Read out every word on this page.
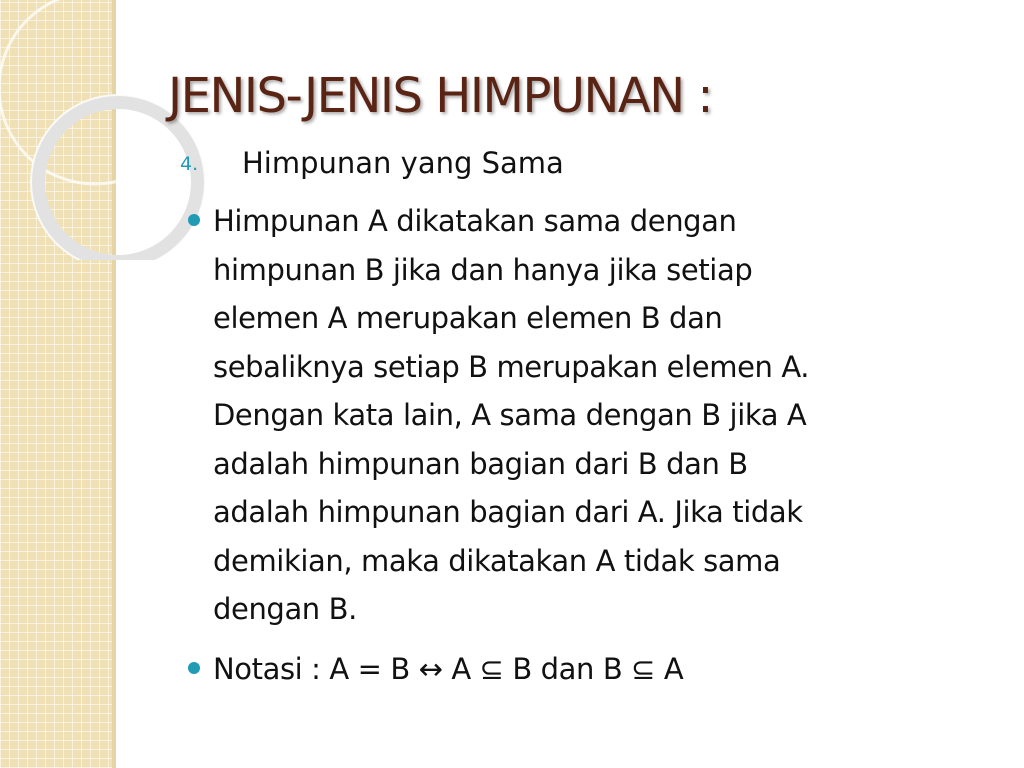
JENIS-JENIS HIMPUNAN :
4. Himpunan yang Sama
Himpunan A dikatakan sama dengan
himpunan B jika dan hanya jika setiap
elemen A merupakan elemen B dan
sebaliknya setiap B merupakan elemen A.
Dengan kata lain, A sama dengan B jika A
adalah himpunan bagian dari B dan B
adalah himpunan bagian dari A. Jika tidak
demikian, maka dikatakan A tidak sama
dengan B.
Notasi : A = B ↔ A ⊆ B dan B ⊆ A
